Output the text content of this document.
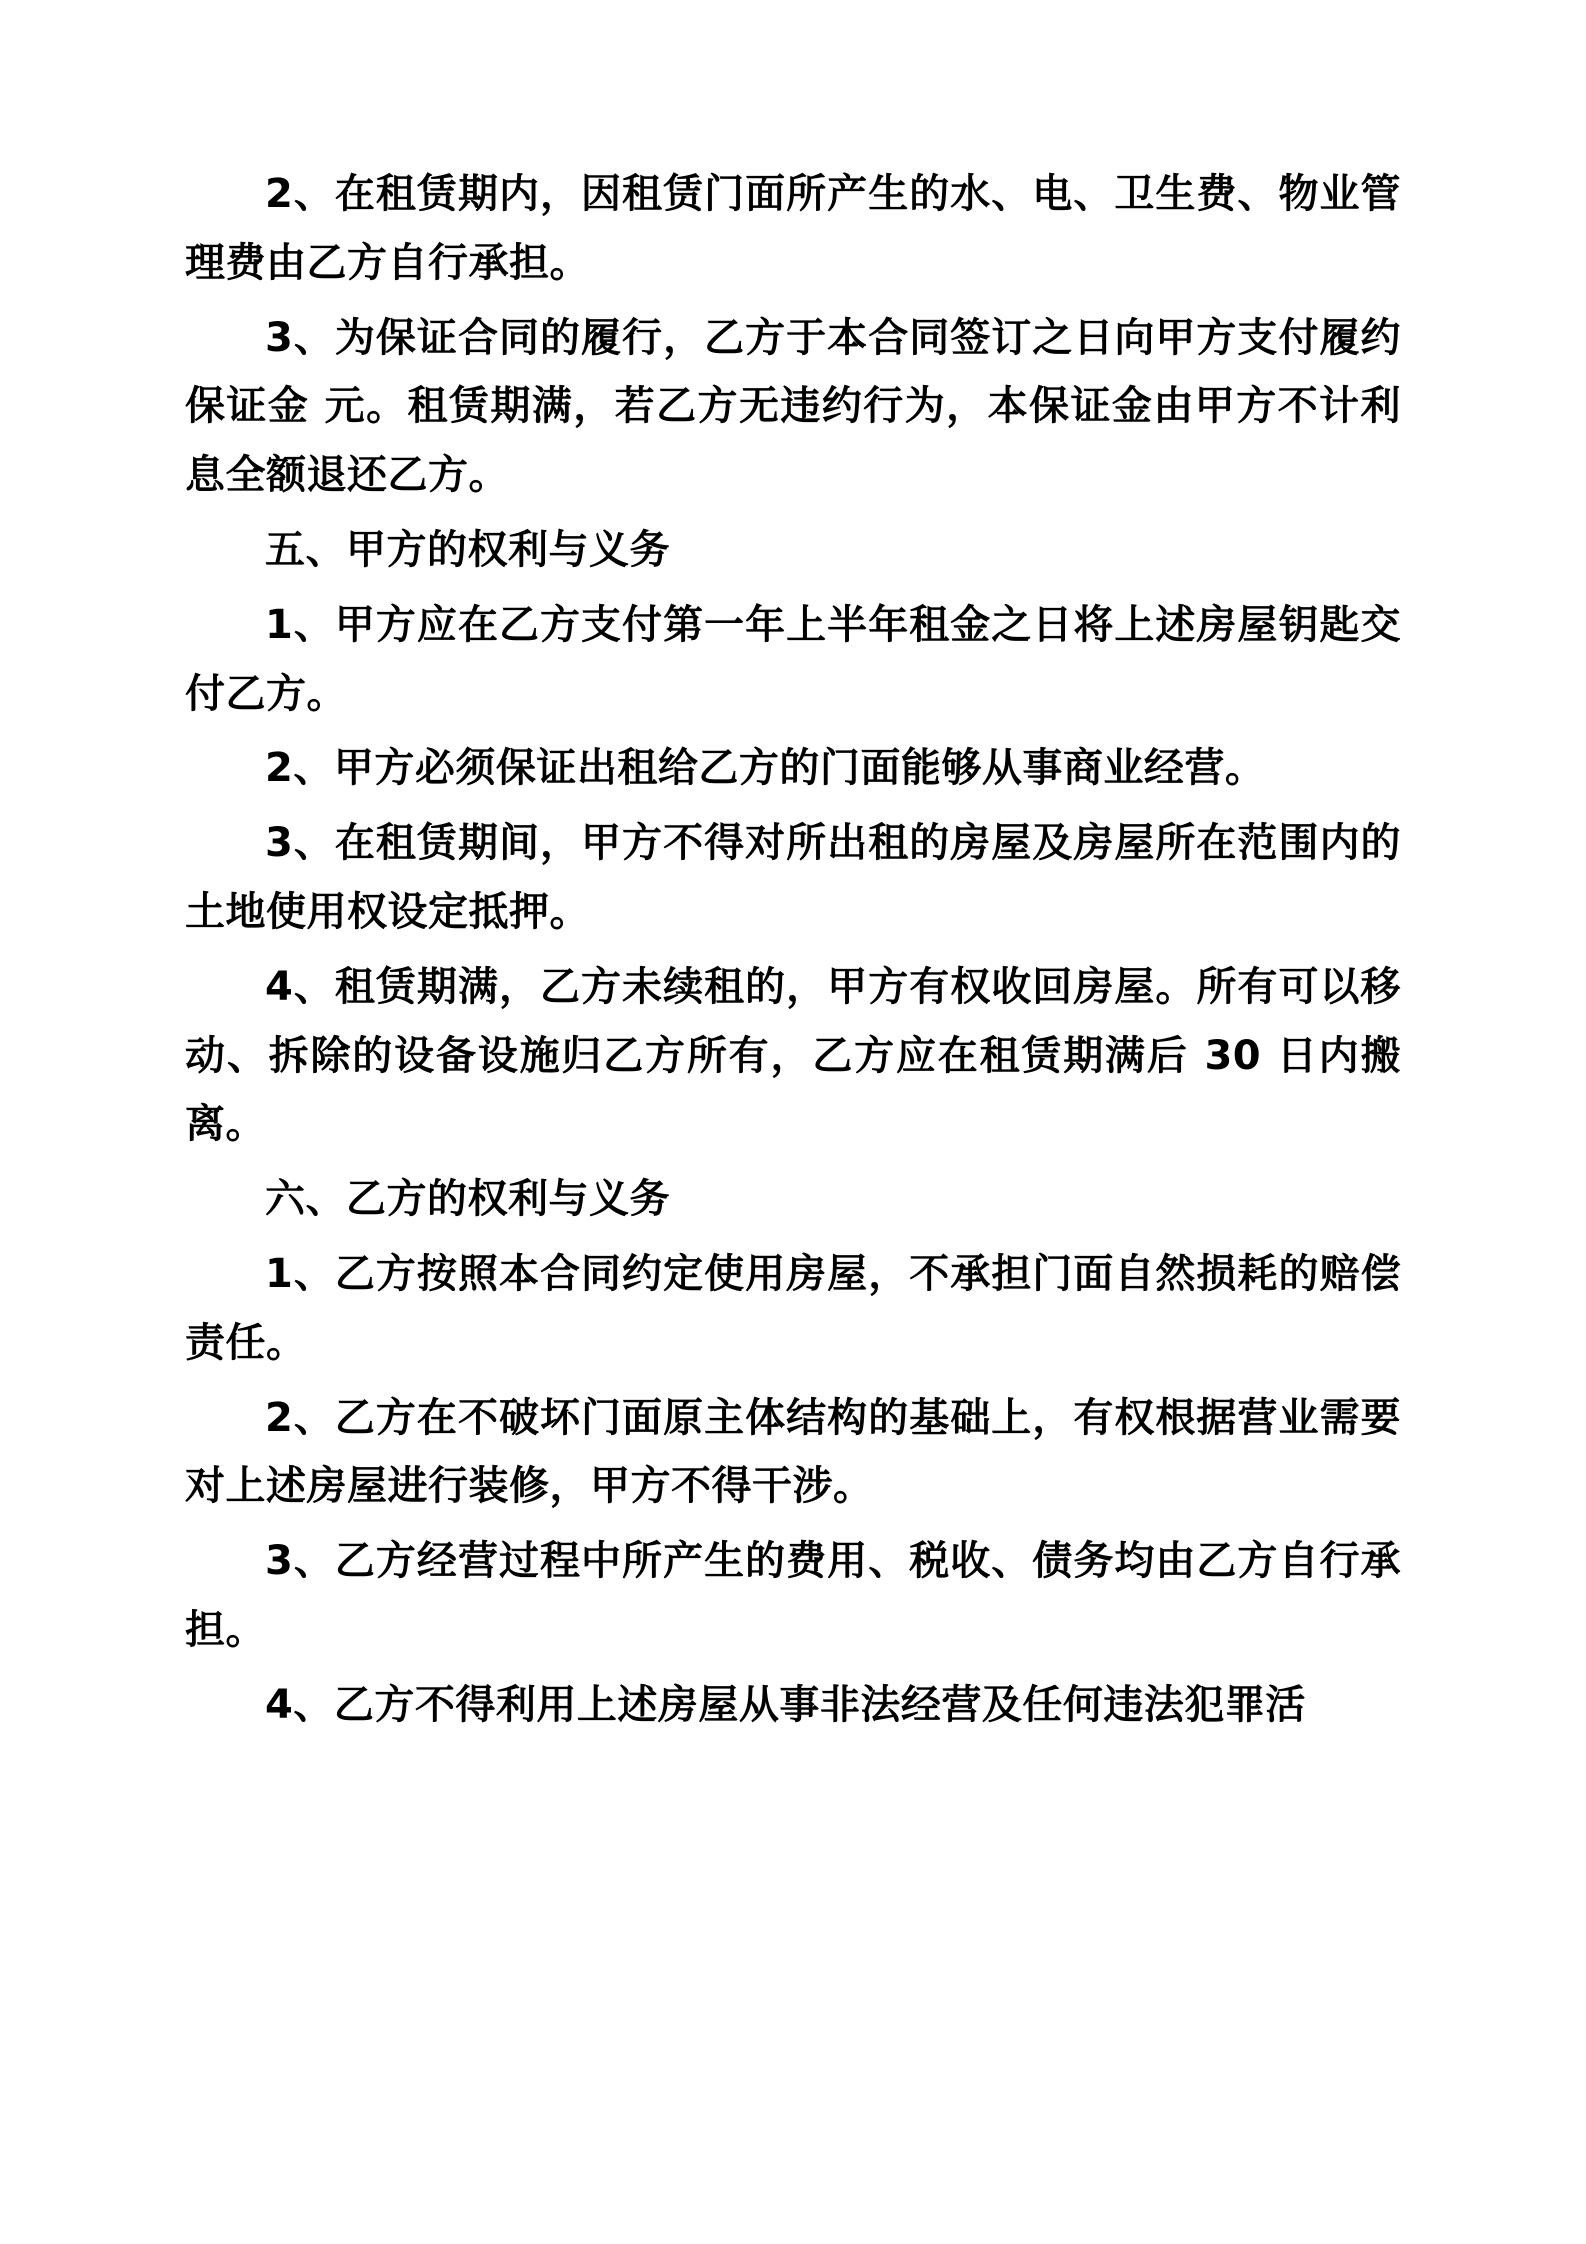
2、在租赁期内，因租赁门面所产生的水、电、卫生费、物业管理费由乙方自行承担。

3、为保证合同的履行，乙方于本合同签订之日向甲方支付履约保证金 元。租赁期满，若乙方无违约行为，本保证金由甲方不计利息全额退还乙方。

五、甲方的权利与义务

1、甲方应在乙方支付第一年上半年租金之日将上述房屋钥匙交付乙方。

2、甲方必须保证出租给乙方的门面能够从事商业经营。

3、在租赁期间，甲方不得对所出租的房屋及房屋所在范围内的土地使用权设定抵押。

4、租赁期满，乙方未续租的，甲方有权收回房屋。所有可以移动、拆除的设备设施归乙方所有，乙方应在租赁期满后 30 日内搬离。

六、乙方的权利与义务

1、乙方按照本合同约定使用房屋，不承担门面自然损耗的赔偿责任。

2、乙方在不破坏门面原主体结构的基础上，有权根据营业需要对上述房屋进行装修，甲方不得干涉。

3、乙方经营过程中所产生的费用、税收、债务均由乙方自行承担。

4、乙方不得利用上述房屋从事非法经营及任何违法犯罪活
